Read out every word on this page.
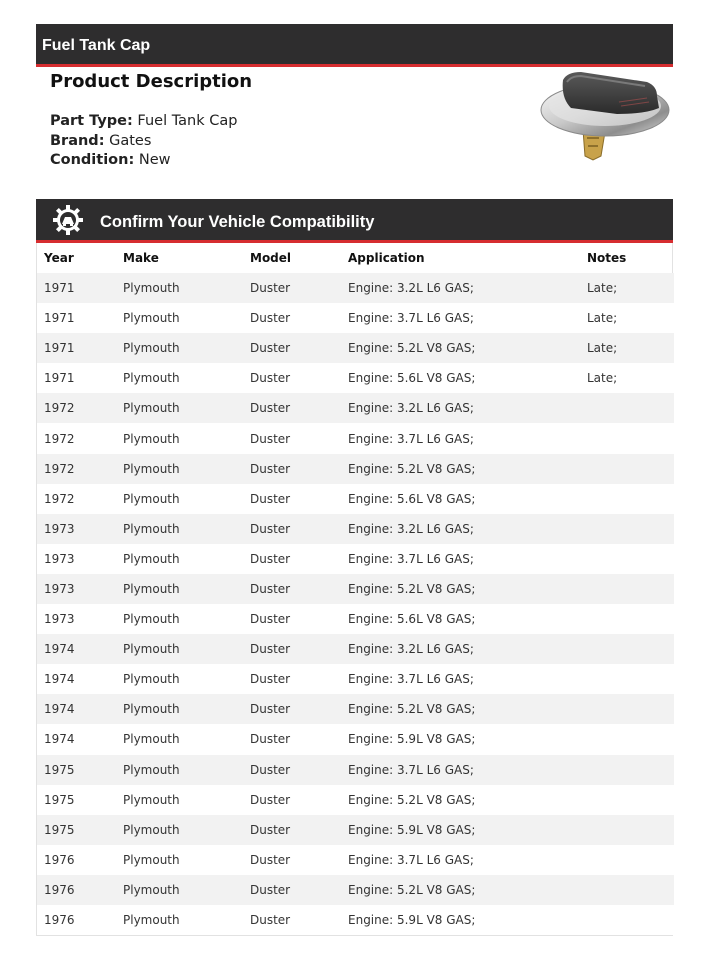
Fuel Tank Cap
Product Description
Part Type: Fuel Tank Cap
Brand: Gates
Condition: New
Confirm Your Vehicle Compatibility
Year	Make	Model	Application	Notes
1971	Plymouth	Duster	Engine: 3.2L L6 GAS;	Late;
1971	Plymouth	Duster	Engine: 3.7L L6 GAS;	Late;
1971	Plymouth	Duster	Engine: 5.2L V8 GAS;	Late;
1971	Plymouth	Duster	Engine: 5.6L V8 GAS;	Late;
1972	Plymouth	Duster	Engine: 3.2L L6 GAS;	
1972	Plymouth	Duster	Engine: 3.7L L6 GAS;	
1972	Plymouth	Duster	Engine: 5.2L V8 GAS;	
1972	Plymouth	Duster	Engine: 5.6L V8 GAS;	
1973	Plymouth	Duster	Engine: 3.2L L6 GAS;	
1973	Plymouth	Duster	Engine: 3.7L L6 GAS;	
1973	Plymouth	Duster	Engine: 5.2L V8 GAS;	
1973	Plymouth	Duster	Engine: 5.6L V8 GAS;	
1974	Plymouth	Duster	Engine: 3.2L L6 GAS;	
1974	Plymouth	Duster	Engine: 3.7L L6 GAS;	
1974	Plymouth	Duster	Engine: 5.2L V8 GAS;	
1974	Plymouth	Duster	Engine: 5.9L V8 GAS;	
1975	Plymouth	Duster	Engine: 3.7L L6 GAS;	
1975	Plymouth	Duster	Engine: 5.2L V8 GAS;	
1975	Plymouth	Duster	Engine: 5.9L V8 GAS;	
1976	Plymouth	Duster	Engine: 3.7L L6 GAS;	
1976	Plymouth	Duster	Engine: 5.2L V8 GAS;	
1976	Plymouth	Duster	Engine: 5.9L V8 GAS;	
